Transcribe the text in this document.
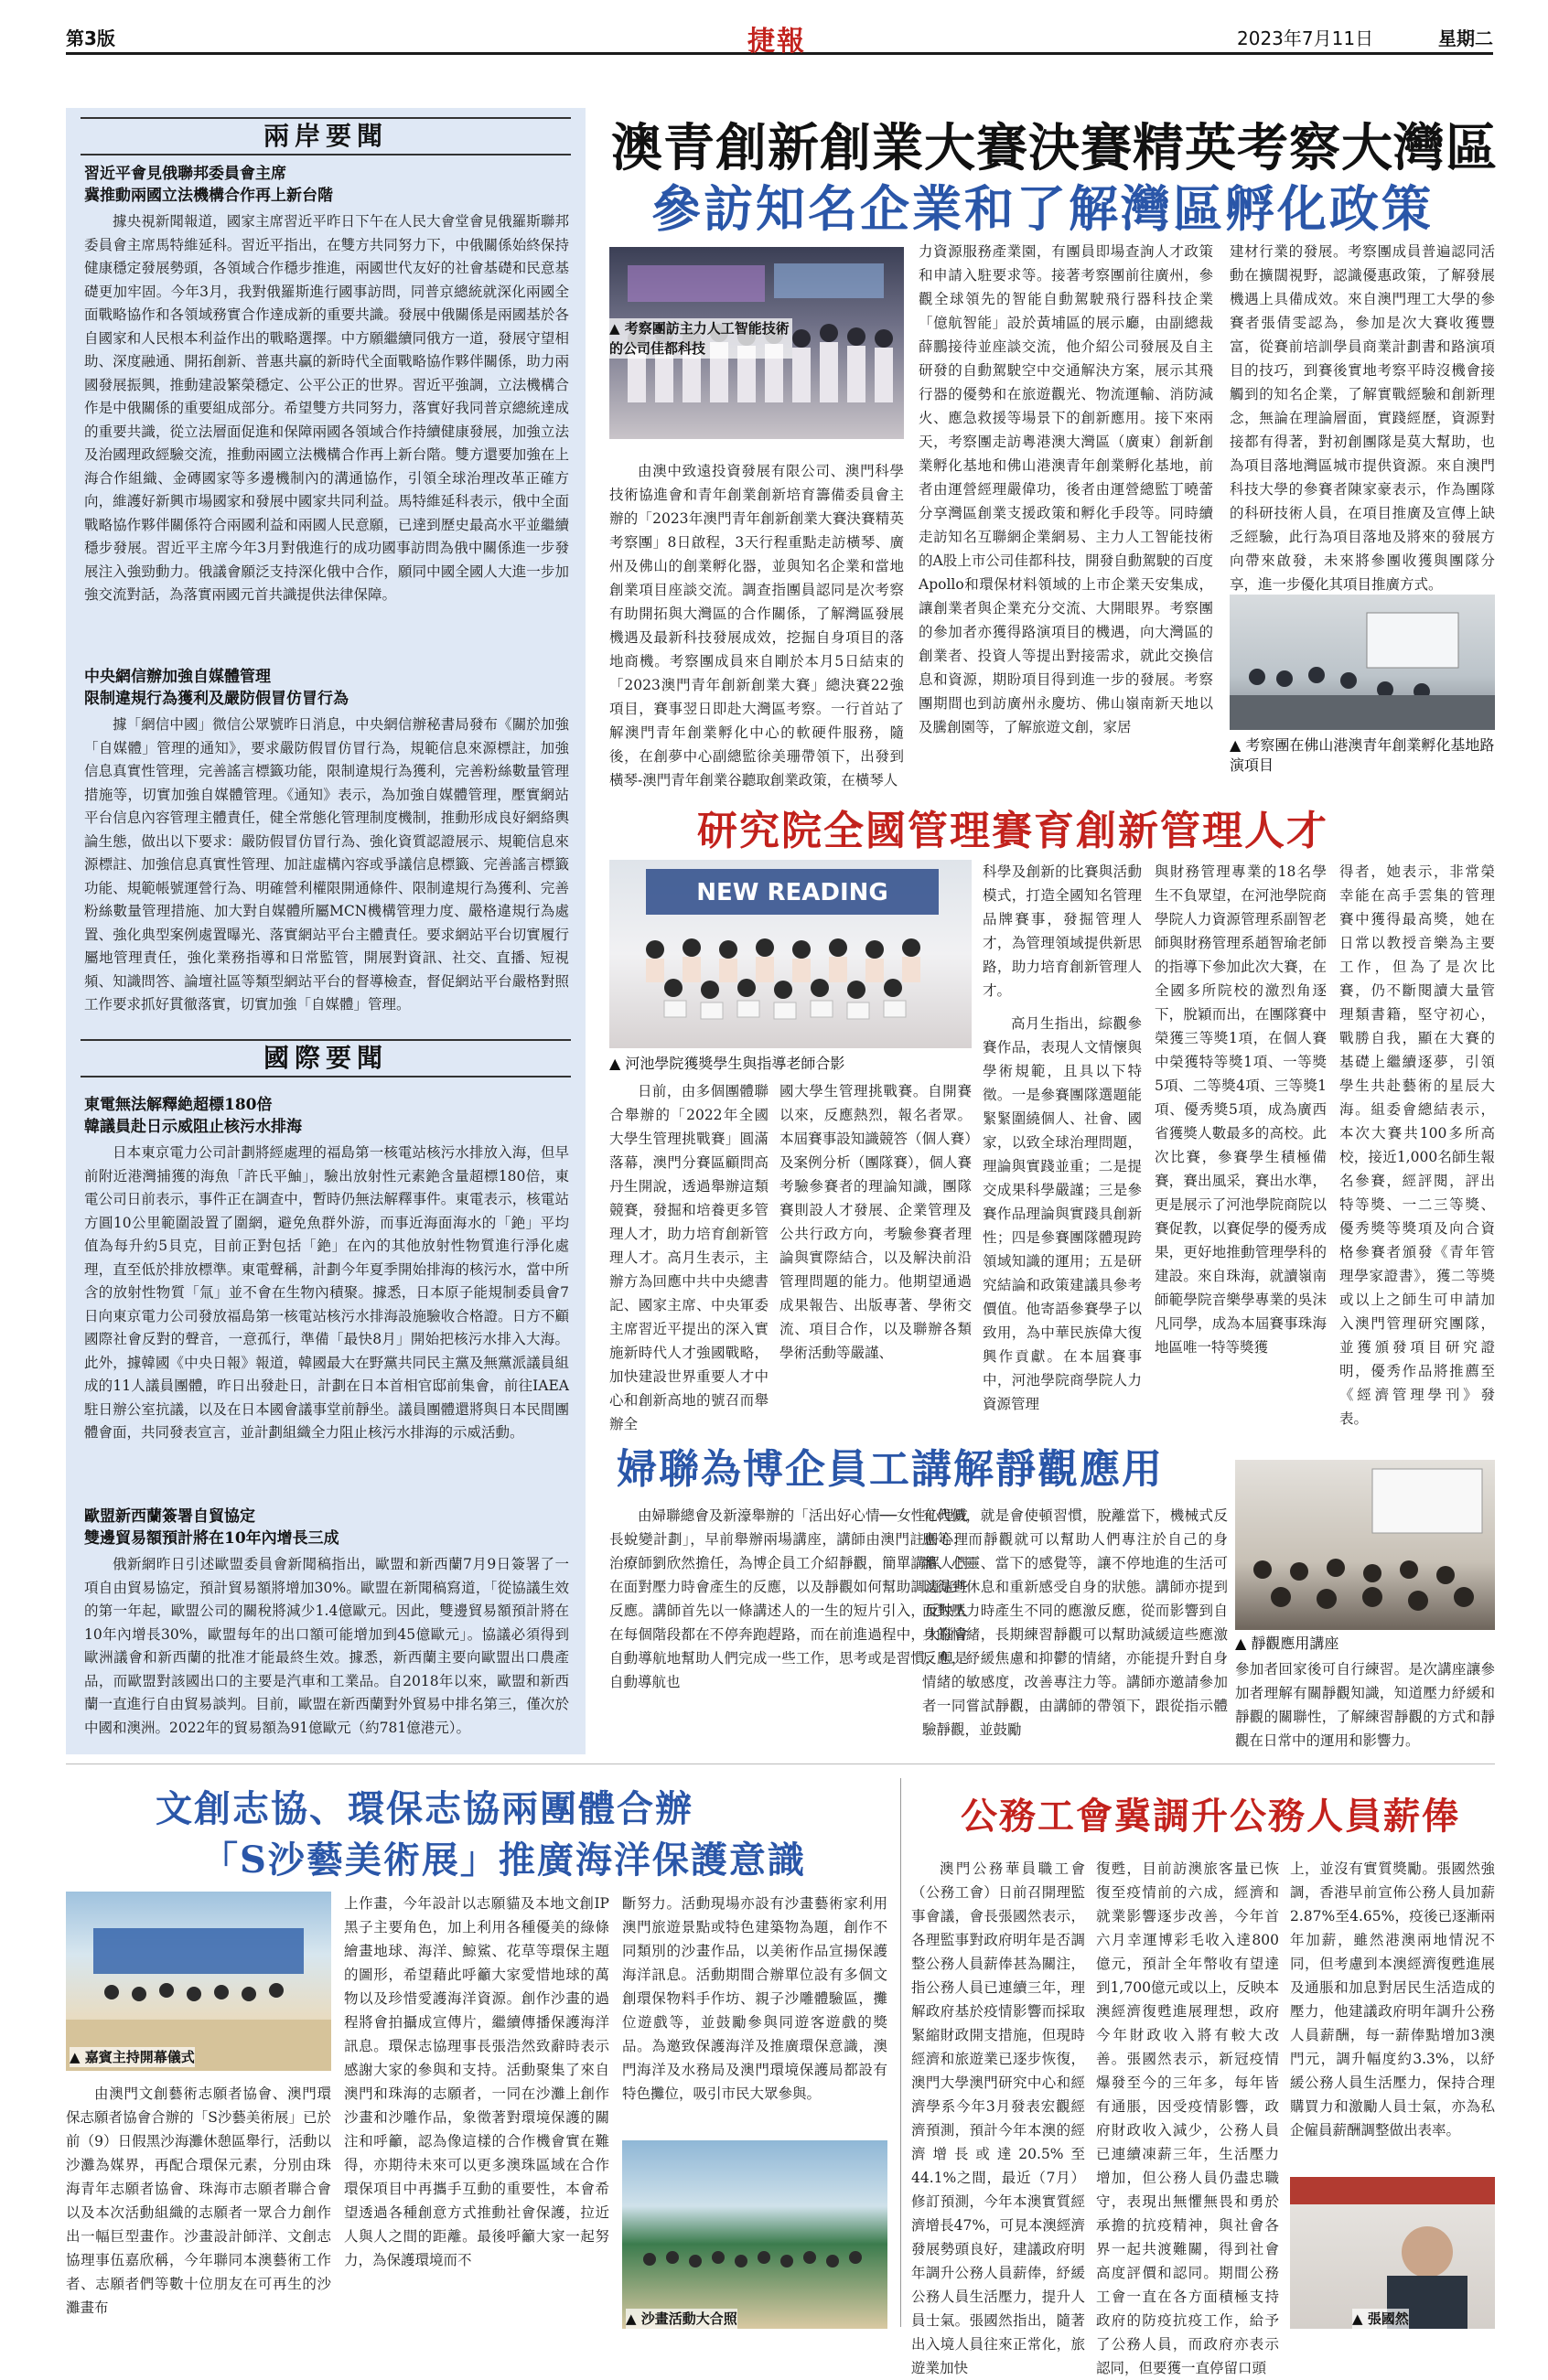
第3版	捷報	2023年7月11日	星期二
兩岸要聞
習近平會見俄聯邦委員會主席
冀推動兩國立法機構合作再上新台階
據央視新聞報道，國家主席習近平昨日下午在人民大會堂會見俄羅斯聯邦委員會主席馬特維延科。習近平指出，在雙方共同努力下，中俄關係始終保持健康穩定發展勢頭，各領域合作穩步推進，兩國世代友好的社會基礎和民意基礎更加牢固。今年3月，我對俄羅斯進行國事訪問，同普京總統就深化兩國全面戰略協作和各領域務實合作達成新的重要共識。發展中俄關係是兩國基於各自國家和人民根本利益作出的戰略選擇。中方願繼續同俄方一道，發展守望相助、深度融通、開拓創新、普惠共贏的新時代全面戰略協作夥伴關係，助力兩國發展振興，推動建設繁榮穩定、公平公正的世界。習近平強調，立法機構合作是中俄關係的重要組成部分。希望雙方共同努力，落實好我同普京總統達成的重要共識，從立法層面促進和保障兩國各領域合作持續健康發展，加強立法及治國理政經驗交流，推動兩國立法機構合作再上新台階。雙方還要加強在上海合作組織、金磚國家等多邊機制內的溝通協作，引領全球治理改革正確方向，維護好新興市場國家和發展中國家共同利益。馬特維延科表示，俄中全面戰略協作夥伴關係符合兩國利益和兩國人民意願，已達到歷史最高水平並繼續穩步發展。習近平主席今年3月對俄進行的成功國事訪問為俄中關係進一步發展注入強勁動力。俄議會願泛支持深化俄中合作，願同中國全國人大進一步加強交流對話，為落實兩國元首共識提供法律保障。
中央網信辦加強自媒體管理
限制違規行為獲利及嚴防假冒仿冒行為
據「網信中國」微信公眾號昨日消息，中央網信辦秘書局發布《關於加強「自媒體」管理的通知》，要求嚴防假冒仿冒行為，規範信息來源標註，加強信息真實性管理，完善謠言標籤功能，限制違規行為獲利，完善粉絲數量管理措施等，切實加強自媒體管理。《通知》表示，為加強自媒體管理，壓實網站平台信息內容管理主體責任，健全常態化管理制度機制，推動形成良好網絡輿論生態，做出以下要求：嚴防假冒仿冒行為、強化資質認證展示、規範信息來源標註、加強信息真實性管理、加註虛構內容或爭議信息標籤、完善謠言標籤功能、規範帳號運營行為、明確營利權限開通條件、限制違規行為獲利、完善粉絲數量管理措施、加大對自媒體所屬MCN機構管理力度、嚴格違規行為處置、強化典型案例處置曝光、落實網站平台主體責任。要求網站平台切實履行屬地管理責任，強化業務指導和日常監管，開展對資訊、社交、直播、短視頻、知識問答、論壇社區等類型網站平台的督導檢查，督促網站平台嚴格對照工作要求抓好貫徹落實，切實加強「自媒體」管理。
國際要聞
東電無法解釋絶超標180倍
韓議員赴日示威阻止核污水排海
日本東京電力公司計劃將經處理的福島第一核電站核污水排放入海，但早前附近港灣捕獲的海魚「許氏平鮋」，驗出放射性元素銫含量超標180倍，東電公司日前表示，事件正在調查中，暫時仍無法解釋事件。東電表示，核電站方圓10公里範圍設置了圍網，避免魚群外游，而事近海面海水的「銫」平均值為每升約5貝克，目前正對包括「銫」在內的其他放射性物質進行淨化處理，直至低於排放標準。東電聲稱，計劃今年夏季開始排海的核污水，當中所含的放射性物質「氚」並不會在生物內積聚。據悉，日本原子能規制委員會7日向東京電力公司發放福島第一核電站核污水排海設施驗收合格證。日方不顧國際社會反對的聲音，一意孤行，準備「最快8月」開始把核污水排入大海。此外，據韓國《中央日報》報道，韓國最大在野黨共同民主黨及無黨派議員組成的11人議員團體，昨日出發赴日，計劃在日本首相官邸前集會，前往IAEA駐日辦公室抗議，以及在日本國會議事堂前靜坐。議員團體還將與日本民間團體會面，共同發表宣言，並計劃組織全力阻止核污水排海的示威活動。
歐盟新西蘭簽署自貿協定
雙邊貿易額預計將在10年內增長三成
俄新網昨日引述歐盟委員會新聞稿指出，歐盟和新西蘭7月9日簽署了一項自由貿易協定，預計貿易額將增加30%。歐盟在新聞稿寫道，「從協議生效的第一年起，歐盟公司的關稅將減少1.4億歐元。因此，雙邊貿易額預計將在10年內增長30%，歐盟每年的出口額可能增加到45億歐元」。協議必須得到歐洲議會和新西蘭的批准才能最終生效。據悉，新西蘭主要向歐盟出口農產品，而歐盟對該國出口的主要是汽車和工業品。自2018年以來，歐盟和新西蘭一直進行自由貿易談判。目前，歐盟在新西蘭對外貿易中排名第三，僅次於中國和澳洲。2022年的貿易額為91億歐元（約781億港元）。
澳青創新創業大賽決賽精英考察大灣區
參訪知名企業和了解灣區孵化政策
▲ 考察團訪主力人工智能技術的公司佳都科技
由澳中致遠投資發展有限公司、澳門科學技術協進會和青年創業創新培育籌備委員會主辦的「2023年澳門青年創新創業大賽決賽精英考察團」8日啟程，3天行程重點走訪橫琴、廣州及佛山的創業孵化器，並與知名企業和當地創業項目座談交流。調查指團員認同是次考察有助開拓與大灣區的合作關係，了解灣區發展機遇及最新科技發展成效，挖掘自身項目的落地商機。考察團成員來自剛於本月5日結束的「2023澳門青年創新創業大賽」總決賽22強項目，賽事翌日即赴大灣區考察。一行首站了解澳門青年創業孵化中心的軟硬件服務，隨後，在創夢中心副總監徐美珊帶領下，出發到橫琴-澳門青年創業谷聽取創業政策，在橫琴人
力資源服務產業園，有團員即場查詢人才政策和申請入駐要求等。接著考察團前往廣州，參觀全球領先的智能自動駕駛飛行器科技企業「億航智能」設於黃埔區的展示廳，由副總裁薛鵬接待並座談交流，他介紹公司發展及自主研發的自動駕駛空中交通解決方案，展示其飛行器的優勢和在旅遊觀光、物流運輸、消防減火、應急救援等場景下的創新應用。接下來兩天，考察團走訪粵港澳大灣區（廣東）創新創業孵化基地和佛山港澳青年創業孵化基地，前者由運營經理嚴偉功，後者由運營總監丁曉蕾分享灣區創業支援政策和孵化手段等。同時續走訪知名互聯網企業網易、主力人工智能技術的A股上市公司佳都科技，開發自動駕駛的百度Apollo和環保材料領域的上市企業天安集成，讓創業者與企業充分交流、大開眼界。考察團的參加者亦獲得路演項目的機遇，向大灣區的創業者、投資人等提出對接需求，就此交換信息和資源，期盼項目得到進一步的發展。考察團期間也到訪廣州永慶坊、佛山嶺南新天地以及騰創園等，了解旅遊文創，家居
建材行業的發展。考察團成員普遍認同活動在擴闊視野，認識優惠政策，了解發展機遇上具備成效。來自澳門理工大學的參賽者張倩雯認為，參加是次大賽收獲豐富，從賽前培訓學員商業計劃書和路演項目的技巧，到賽後實地考察平時沒機會接觸到的知名企業，了解實戰經驗和創新理念，無論在理論層面，實踐經歷，資源對接都有得著，對初創團隊是莫大幫助，也為項目落地灣區城市提供資源。來自澳門科技大學的參賽者陳家豪表示，作為團隊的科研技術人員，在項目推廣及宣傳上缺乏經驗，此行為項目落地及將來的發展方向帶來啟發，未來將參團收獲與團隊分享，進一步優化其項目推廣方式。
▲ 考察團在佛山港澳青年創業孵化基地路演項目
研究院全國管理賽育創新管理人才
NEW READING
▲ 河池學院獲獎學生與指導老師合影
科學及創新的比賽與活動模式，打造全國知名管理品牌賽事，發掘管理人才，為管理領域提供新思路，助力培育創新管理人才。
日前，由多個團體聯合舉辦的「2022年全國大學生管理挑戰賽」圓滿落幕，澳門分賽區顧問高丹生開說，透過舉辦這類競賽，發掘和培養更多管理人才，助力培育創新管理人才。高月生表示，主辦方為回應中共中央總書記、國家主席、中央軍委主席習近平提出的深入實施新時代人才強國戰略，加快建設世界重要人才中心和創新高地的號召而舉辦全
國大學生管理挑戰賽。自開賽以來，反應熱烈，報名者眾。本屆賽事設知識競答（個人賽）及案例分析（團隊賽），個人賽考驗參賽者的理論知識，團隊賽則設人才發展、企業管理及公共行政方向，考驗參賽者理論與實際結合，以及解決前沿管理問題的能力。他期望通過成果報告、出版專著、學術交流、項目合作，以及聯辦各類學術活動等嚴謹、
高月生指出，綜觀參賽作品，表現人文情懷與學術規範，且具以下特徵。一是參賽團隊選題能緊緊圍繞個人、社會、國家，以致全球治理問題，理論與實踐並重；二是提交成果科學嚴謹；三是參賽作品理論與實踐具創新性；四是參賽團隊體現跨領域知識的運用；五是研究結論和政策建議具參考價值。他寄語參賽學子以致用，為中華民族偉大復興作貢獻。在本屆賽事中，河池學院商學院人力資源管理
與財務管理專業的18名學生不負眾望，在河池學院商學院人力資源管理系副智老師與財務管理系趙智瑜老師的指導下參加此次大賽，在全國多所院校的激烈角逐下，脫穎而出，在團隊賽中榮獲三等獎1項，在個人賽中榮獲特等獎1項、一等獎5項、二等獎4項、三等獎1項、優秀獎5項，成為廣西省獲獎人數最多的高校。此次比賽，參賽學生積極備賽，賽出風采，賽出水準，更是展示了河池學院商院以賽促教，以賽促學的優秀成果，更好地推動管理學科的建設。來自珠海，就讀嶺南師範學院音樂學專業的吳沫凡同學，成為本屆賽事珠海地區唯一特等獎獲
得者，她表示，非常榮幸能在高手雲集的管理賽中獲得最高獎，她在日常以教授音樂為主要工作，但為了是次比賽，仍不斷閱讀大量管理類書籍，堅守初心，戰勝自我，顯在大賽的基礎上繼續逐夢，引領學生共赴藝術的星辰大海。組委會總結表示，本次大賽共100多所高校，接近1,000名師生報名參賽，經評閱，評出特等獎、一二三等獎、優秀獎等獎項及向合資格參賽者頒發《青年管理學家證書》，獲二等獎或以上之師生可申請加入澳門管理研究團隊，並獲頒發項目研究證明，優秀作品將推薦至《經濟管理學刊》發表。
婦聯為博企員工講解靜觀應用
由婦聯總會及新濠舉辦的「活出好心情──女性心理成長蛻變計劃」，早前舉辦兩場講座，講師由澳門註冊心理治療師劉欣然擔任，為博企員工介紹靜觀，簡單講解人們在面對壓力時會產生的反應，以及靜觀如何幫助調適這些反應。講師首先以一條講述人的一生的短片引入，反映人在每個階段都在不停奔跑趕路，而在前進過程中，大腦會自動導航地幫助人們完成一些工作，思考或是習慣，但是自動導航也
有代價，就是會使頓習慣，脫離當下，機械式反應等；而靜觀就可以幫助人們專注於自己的身體、心靈、當下的感覺等，讓不停地進的生活可以得到休息和重新感受自身的狀態。講師亦提到面對壓力時產生不同的應激反應，從而影響到自身的情緒，長期練習靜觀可以幫助減緩這些應激反應，紓緩焦慮和抑鬱的情緒，亦能提升對自身情緒的敏感度，改善專注力等。講師亦邀請參加者一同嘗試靜觀，由講師的帶領下，跟從指示體驗靜觀，並鼓勵
▲ 靜觀應用講座
參加者回家後可自行練習。是次講座讓參加者理解有關靜觀知識，知道壓力紓緩和靜觀的關聯性，了解練習靜觀的方式和靜觀在日常中的運用和影響力。
文創志協、環保志協兩團體合辦
「S沙藝美術展」推廣海洋保護意識
▲ 嘉賓主持開幕儀式
由澳門文創藝術志願者協會、澳門環保志願者協會合辦的「S沙藝美術展」已於前（9）日假黑沙海灘休憩區舉行，活動以沙灘為媒界，再配合環保元素，分別由珠海青年志願者協會、珠海市志願者聯合會以及本次活動組織的志願者一眾合力創作出一幅巨型畫作。沙畫設計師洋、文創志協理事伍嘉欣稱，今年聯同本澳藝術工作者、志願者們等數十位朋友在可再生的沙灘畫布
上作畫，今年設計以志願貓及本地文創IP 黑子主要角色，加上利用各種優美的綠條繪畫地球、海洋、鯨鯊、花草等環保主題的圖形，希望藉此呼籲大家愛惜地球的萬物以及珍惜愛護海洋資源。創作沙畫的過程將會拍攝成宣傳片，繼續傳播保護海洋訊息。環保志協理事長張浩然致辭時表示感謝大家的參與和支持。活動聚集了來自澳門和珠海的志願者，一同在沙灘上創作沙畫和沙雕作品，象徵著對環境保護的關注和呼籲，認為像這樣的合作機會實在難得，亦期待未來可以更多澳珠區域在合作環保項目中再攜手互動的重要性，本會希望透過各種創意方式推動社會保護，拉近人與人之間的距離。最後呼籲大家一起努力，為保護環境而不
斷努力。活動現場亦設有沙畫藝術家利用澳門旅遊景點或特色建築物為題，創作不同類別的沙畫作品，以美術作品宣揚保護海洋訊息。活動期間合辦單位設有多個文創環保物料手作坊、親子沙雕體驗區，攤位遊戲等，並鼓勵參與同遊客遊戲的獎品。為邀致保護海洋及推廣環保意識，澳門海洋及水務局及澳門環境保護局都設有特色攤位，吸引市民大眾參與。
▲ 沙畫活動大合照
公務工會冀調升公務人員薪俸
澳門公務華員職工會（公務工會）日前召開理監事會議，會長張國然表示，各理監事對政府明年是否調整公務人員薪俸甚為關注，指公務人員已連續三年，理解政府基於疫情影響而採取緊縮財政開支措施，但現時經濟和旅遊業已逐步恢復，澳門大學澳門研究中心和經濟學系今年3月發表宏觀經濟預測，預計今年本澳的經濟增長或達20.5%至44.1%之間，最近（7月）修訂預測，今年本澳實質經濟增長47%，可見本澳經濟發展勢頭良好，建議政府明年調升公務人員薪俸，紓緩公務人員生活壓力，提升人員士氣。張國然指出，隨著出入境人員往來正常化，旅遊業加快
復甦，目前訪澳旅客量已恢復至疫情前的六成，經濟和就業影響逐步改善，今年首六月幸運博彩毛收入達800億元，預計全年幣收有望達到1,700億元或以上，反映本澳經濟復甦進展理想，政府今年財政收入將有較大改善。張國然表示，新冠疫情爆發至今的三年多，每年皆有通脹，因受疫情影響，政府財政收入減少，公務人員已連續凍薪三年，生活壓力增加，但公務人員仍盡忠職守，表現出無懼無畏和勇於承擔的抗疫精神，與社會各界一起共渡難關，得到社會高度評價和認同。期間公務工會一直在各方面積極支持政府的防疫抗疫工作，給予了公務人員，而政府亦表示認同，但要獲一直停留口頭
上，並沒有實質獎勵。張國然強調，香港早前宣佈公務人員加薪2.87%至4.65%，疫後已逐漸兩年加薪，雖然港澳兩地情況不同，但考慮到本澳經濟復甦進展及通脹和加息對居民生活造成的壓力，他建議政府明年調升公務人員薪酬，每一薪俸點增加3澳門元，調升幅度約3.3%，以紓緩公務人員生活壓力，保持合理購買力和激勵人員士氣，亦為私企僱員薪酬調整做出表率。
▲ 張國然
